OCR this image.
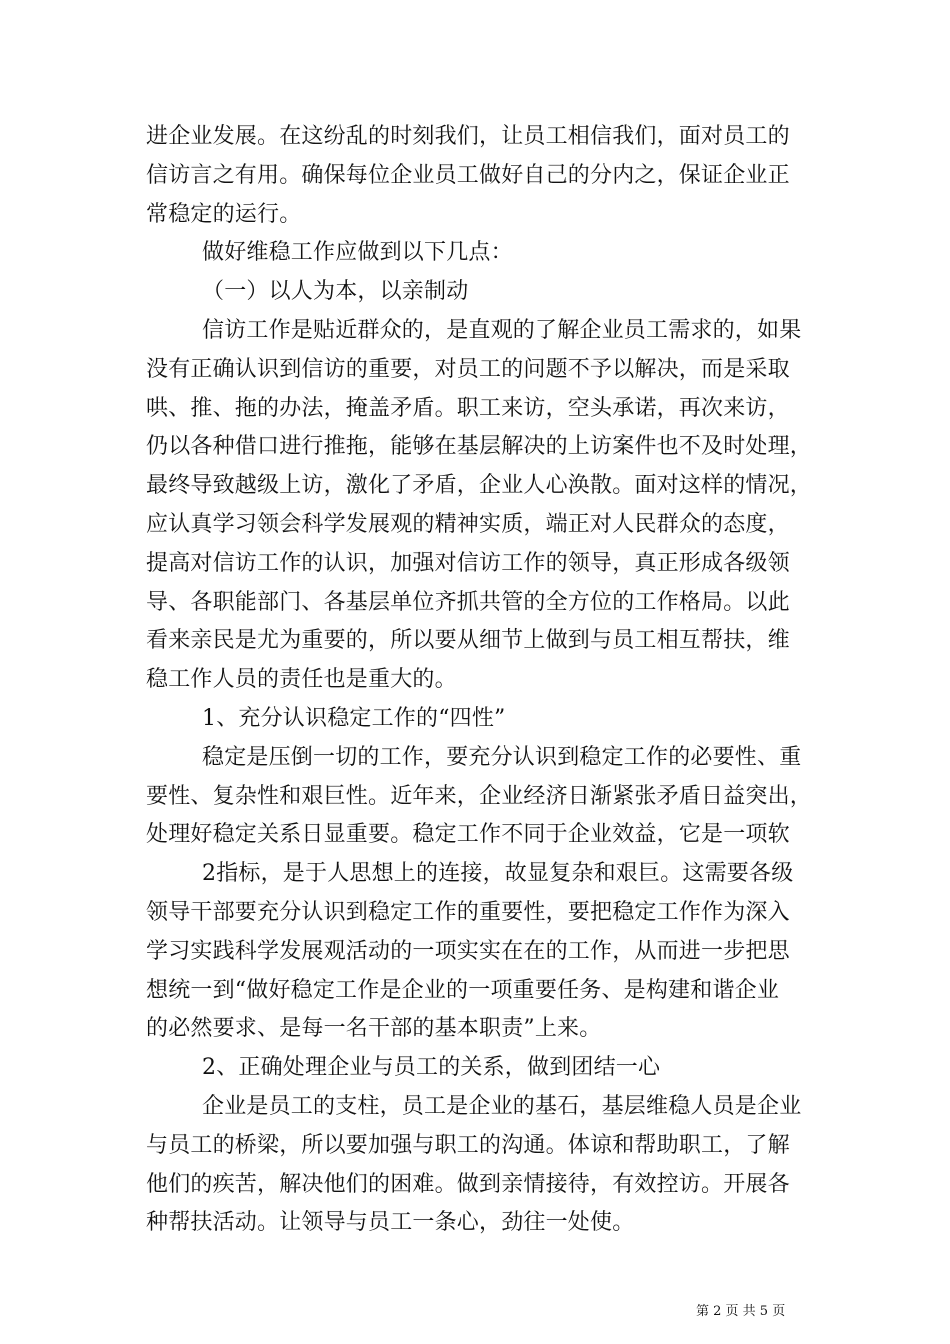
进企业发展。在这纷乱的时刻我们，让员工相信我们，面对员工的
信访言之有用。确保每位企业员工做好自己的分内之，保证企业正
常稳定的运行。
做好维稳工作应做到以下几点：
（一）以人为本，以亲制动
信访工作是贴近群众的，是直观的了解企业员工需求的，如果
没有正确认识到信访的重要，对员工的问题不予以解决，而是采取
哄、推、拖的办法，掩盖矛盾。职工来访，空头承诺，再次来访，
仍以各种借口进行推拖，能够在基层解决的上访案件也不及时处理，
最终导致越级上访，激化了矛盾，企业人心涣散。面对这样的情况，
应认真学习领会科学发展观的精神实质，端正对人民群众的态度，
提高对信访工作的认识，加强对信访工作的领导，真正形成各级领
导、各职能部门、各基层单位齐抓共管的全方位的工作格局。以此
看来亲民是尤为重要的，所以要从细节上做到与员工相互帮扶，维
稳工作人员的责任也是重大的。
1、充分认识稳定工作的“四性”
稳定是压倒一切的工作，要充分认识到稳定工作的必要性、重
要性、复杂性和艰巨性。近年来，企业经济日渐紧张矛盾日益突出，
处理好稳定关系日显重要。稳定工作不同于企业效益，它是一项软
2指标，是于人思想上的连接，故显复杂和艰巨。这需要各级
领导干部要充分认识到稳定工作的重要性，要把稳定工作作为深入
学习实践科学发展观活动的一项实实在在的工作，从而进一步把思
想统一到“做好稳定工作是企业的一项重要任务、是构建和谐企业
的必然要求、是每一名干部的基本职责”上来。
2、正确处理企业与员工的关系，做到团结一心
企业是员工的支柱，员工是企业的基石，基层维稳人员是企业
与员工的桥梁，所以要加强与职工的沟通。体谅和帮助职工，了解
他们的疾苦，解决他们的困难。做到亲情接待，有效控访。开展各
种帮扶活动。让领导与员工一条心，劲往一处使。
第 2 页 共 5 页
